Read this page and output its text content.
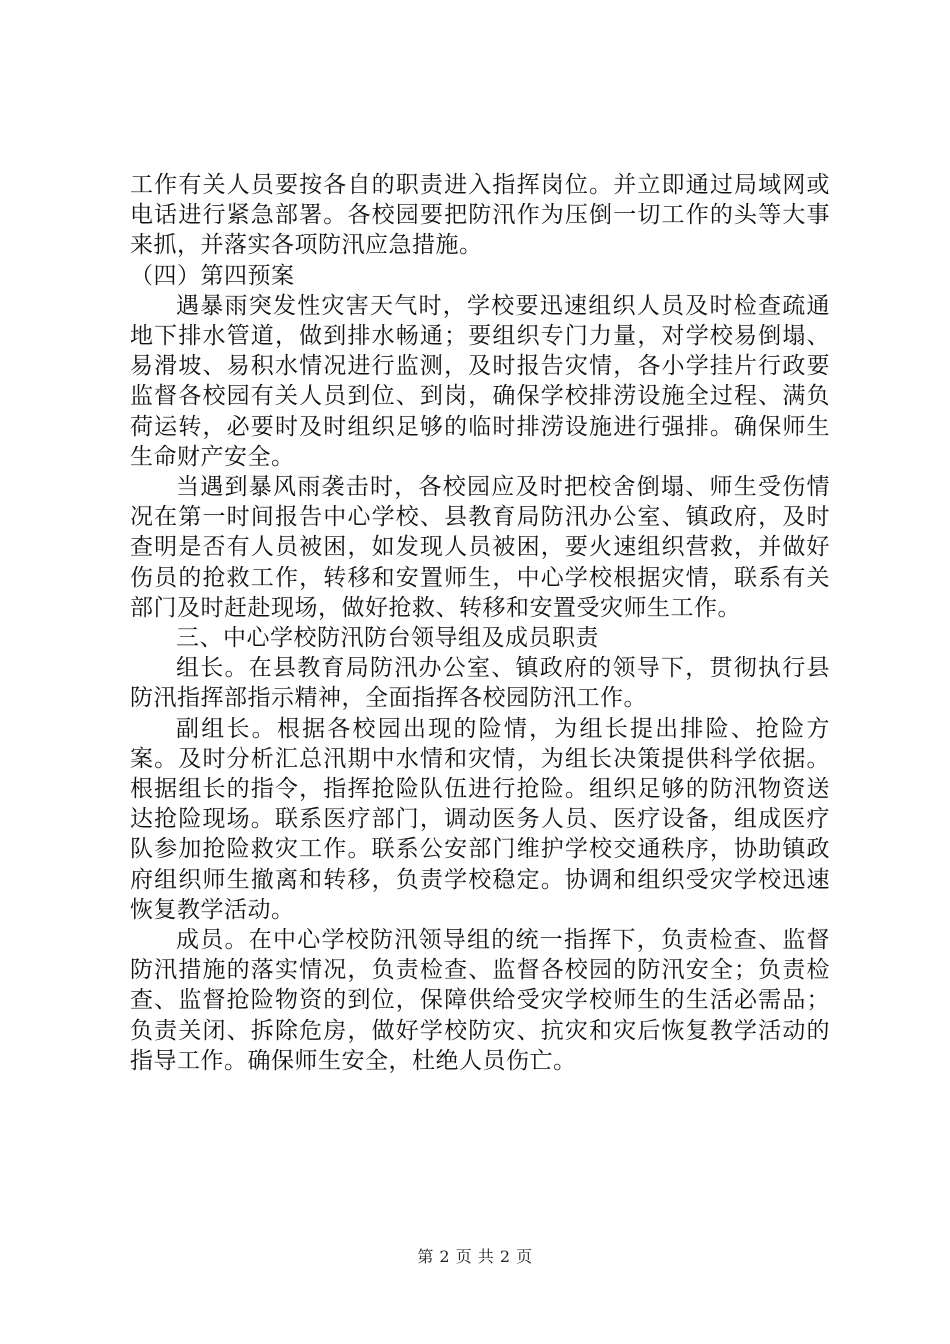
工作有关人员要按各自的职责进入指挥岗位。并立即通过局域网或电话进行紧急部署。各校园要把防汛作为压倒一切工作的头等大事来抓，并落实各项防汛应急措施。

（四）第四预案

遇暴雨突发性灾害天气时，学校要迅速组织人员及时检查疏通地下排水管道，做到排水畅通；要组织专门力量，对学校易倒塌、易滑坡、易积水情况进行监测，及时报告灾情，各小学挂片行政要监督各校园有关人员到位、到岗，确保学校排涝设施全过程、满负荷运转，必要时及时组织足够的临时排涝设施进行强排。确保师生生命财产安全。

当遇到暴风雨袭击时，各校园应及时把校舍倒塌、师生受伤情况在第一时间报告中心学校、县教育局防汛办公室、镇政府，及时查明是否有人员被困，如发现人员被困，要火速组织营救，并做好伤员的抢救工作，转移和安置师生，中心学校根据灾情，联系有关部门及时赶赴现场，做好抢救、转移和安置受灾师生工作。

三、中心学校防汛防台领导组及成员职责

组长。在县教育局防汛办公室、镇政府的领导下，贯彻执行县防汛指挥部指示精神，全面指挥各校园防汛工作。

副组长。根据各校园出现的险情，为组长提出排险、抢险方案。及时分析汇总汛期中水情和灾情，为组长决策提供科学依据。根据组长的指令，指挥抢险队伍进行抢险。组织足够的防汛物资送达抢险现场。联系医疗部门，调动医务人员、医疗设备，组成医疗队参加抢险救灾工作。联系公安部门维护学校交通秩序，协助镇政府组织师生撤离和转移，负责学校稳定。协调和组织受灾学校迅速恢复教学活动。

成员。在中心学校防汛领导组的统一指挥下，负责检查、监督防汛措施的落实情况，负责检查、监督各校园的防汛安全；负责检查、监督抢险物资的到位，保障供给受灾学校师生的生活必需品；负责关闭、拆除危房，做好学校防灾、抗灾和灾后恢复教学活动的指导工作。确保师生安全，杜绝人员伤亡。

第 2 页 共 2 页
